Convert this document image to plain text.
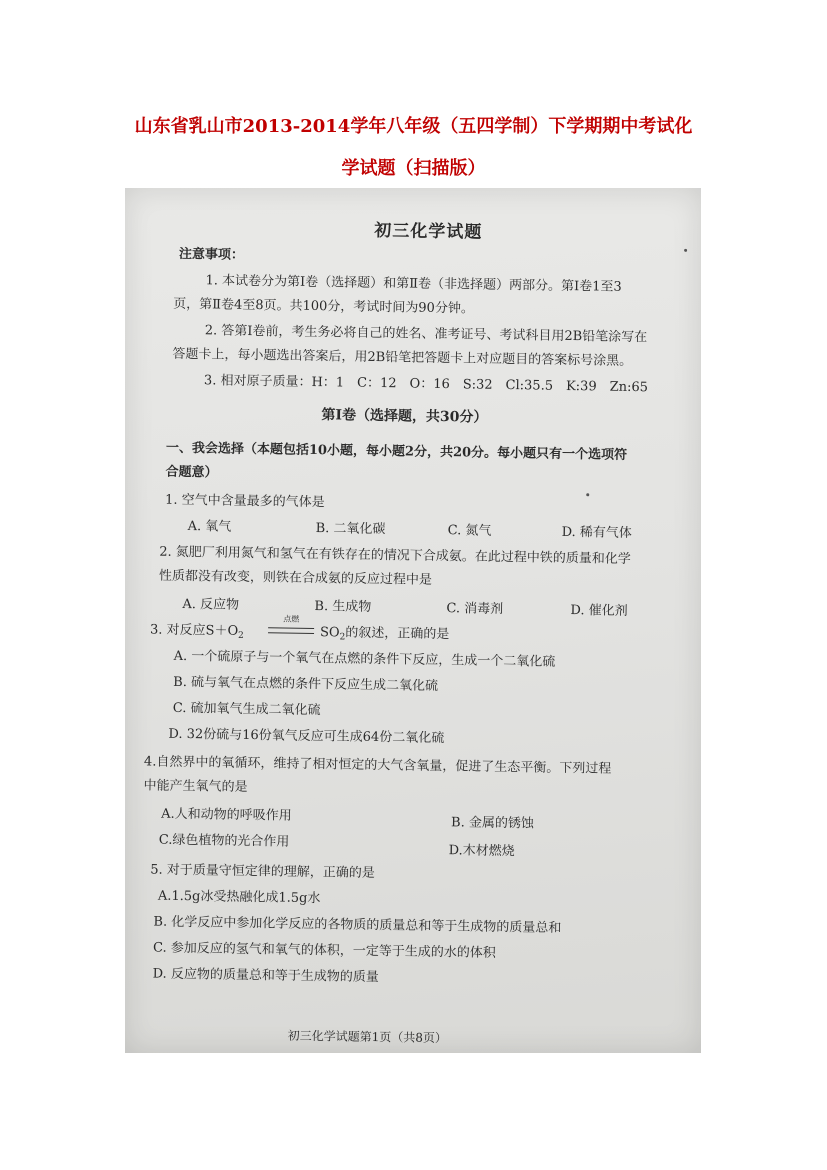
山东省乳山市2013-2014学年八年级（五四学制）下学期期中考试化
学试题（扫描版）
初三化学试题
注意事项：
1. 本试卷分为第Ⅰ卷（选择题）和第Ⅱ卷（非选择题）两部分。第Ⅰ卷1至3
页，第Ⅱ卷4至8页。共100分，考试时间为90分钟。
2. 答第Ⅰ卷前，考生务必将自己的姓名、准考证号、考试科目用2B铅笔涂写在
答题卡上，每小题选出答案后，用2B铅笔把答题卡上对应题目的答案标号涂黑。
3. 相对原子质量：H：1　C：12　O：16　S:32　Cl:35.5　K:39　Zn:65
第Ⅰ卷（选择题，共30分）
一、我会选择（本题包括10小题，每小题2分，共20分。每小题只有一个选项符
合题意）
1. 空气中含量最多的气体是
A. 氧气	B. 二氧化碳	C. 氮气	D. 稀有气体
2. 氮肥厂利用氮气和氢气在有铁存在的情况下合成氨。在此过程中铁的质量和化学
性质都没有改变，则铁在合成氨的反应过程中是
A. 反应物	B. 生成物	C. 消毒剂	D. 催化剂
3. 对反应$S+O_2$
点燃
$SO_2$的叙述，正确的是
A. 一个硫原子与一个氧气在点燃的条件下反应，生成一个二氧化硫
B. 硫与氧气在点燃的条件下反应生成二氧化硫
C. 硫加氧气生成二氧化硫
D. 32份硫与16份氧气反应可生成64份二氧化硫
4.自然界中的氧循环，维持了相对恒定的大气含氧量，促进了生态平衡。下列过程
中能产生氧气的是
A.人和动物的呼吸作用	B. 金属的锈蚀
C.绿色植物的光合作用
D.木材燃烧
5. 对于质量守恒定律的理解，正确的是
A.1.5g冰受热融化成1.5g水
B. 化学反应中参加化学反应的各物质的质量总和等于生成物的质量总和
C. 参加反应的氢气和氧气的体积，一定等于生成的水的体积
D. 反应物的质量总和等于生成物的质量
初三化学试题第1页（共8页）
